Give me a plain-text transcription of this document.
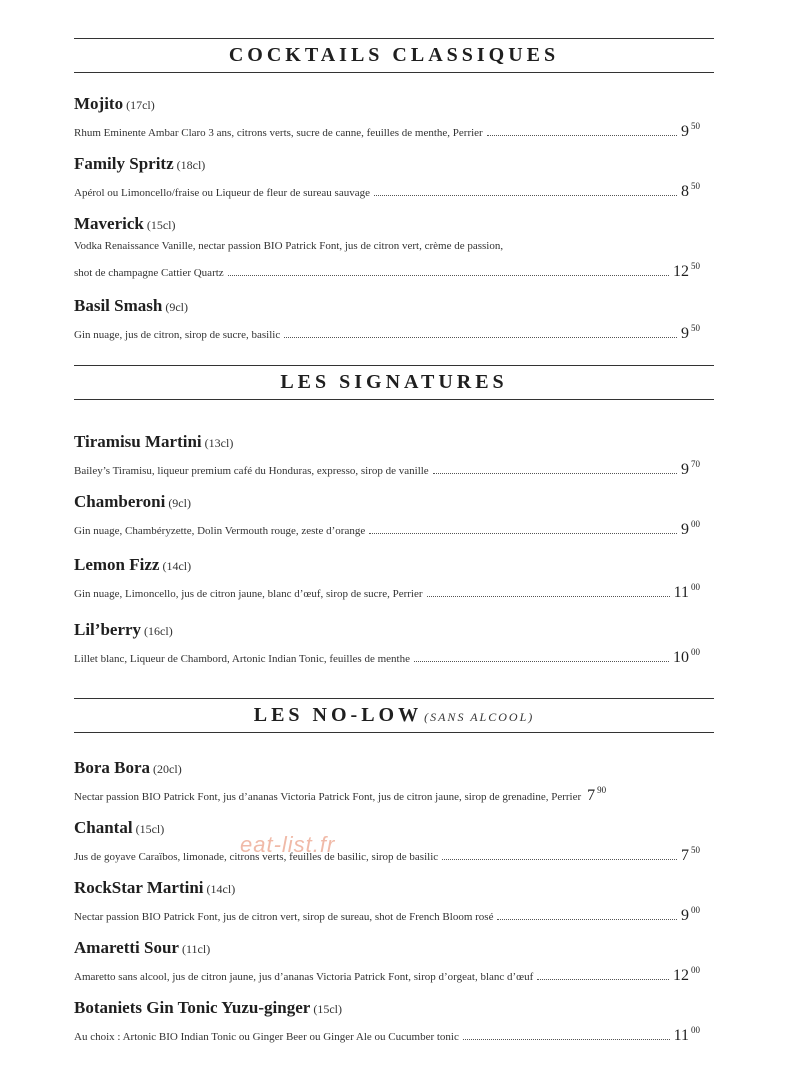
COCKTAILS CLASSIQUES
Mojito (17cl)
Rhum Eminente Ambar Claro 3 ans, citrons verts, sucre de canne, feuilles de menthe, Perrier	9 $^{50}$
Family Spritz (18cl)
Apérol ou Limoncello/fraise ou Liqueur de fleur de sureau sauvage	8 $^{50}$
Maverick (15cl)
Vodka Renaissance Vanille, nectar passion BIO Patrick Font, jus de citron vert, crème de passion,
shot de champagne Cattier Quartz	12 $^{50}$
Basil Smash (9cl)
Gin nuage, jus de citron, sirop de sucre, basilic	9 $^{50}$
LES SIGNATURES
Tiramisu Martini (13cl)
Bailey’s Tiramisu, liqueur premium café du Honduras, expresso, sirop de vanille	9 $^{70}$
Chamberoni (9cl)
Gin nuage, Chambéryzette, Dolin Vermouth rouge, zeste d’orange	9 $^{00}$
Lemon Fizz (14cl)
Gin nuage, Limoncello, jus de citron jaune, blanc d’œuf, sirop de sucre, Perrier	11 $^{00}$
Lil’berry (16cl)
Lillet blanc, Liqueur de Chambord, Artonic Indian Tonic, feuilles de menthe	10 $^{00}$
LES NO-LOW (SANS ALCOOL)
Bora Bora (20cl)
Nectar passion BIO Patrick Font, jus d’ananas Victoria Patrick Font, jus de citron jaune, sirop de grenadine, Perrier 7 $^{90}$
Chantal (15cl)
Jus de goyave Caraïbos, limonade, citrons verts, feuilles de basilic, sirop de basilic	7 $^{50}$
RockStar Martini (14cl)
Nectar passion BIO Patrick Font, jus de citron vert, sirop de sureau, shot de French Bloom rosé	9 $^{00}$
Amaretti Sour (11cl)
Amaretto sans alcool, jus de citron jaune, jus d’ananas Victoria Patrick Font, sirop d’orgeat, blanc d’œuf	12 $^{00}$
Botaniets Gin Tonic Yuzu-ginger (15cl)
Au choix : Artonic BIO Indian Tonic ou Ginger Beer ou Ginger Ale ou Cucumber tonic	11 $^{00}$
eat-list.fr
